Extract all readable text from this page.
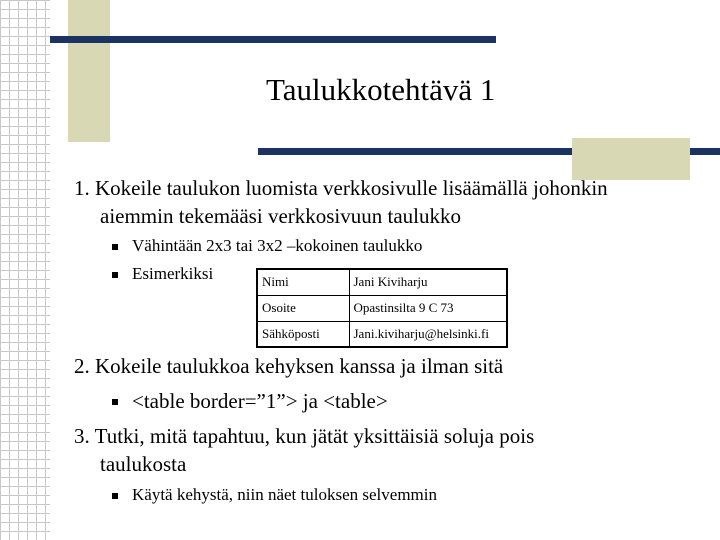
Taulukkotehtävä 1
1. Kokeile taulukon luomista verkkosivulle lisäämällä johonkin
aiemmin tekemääsi verkkosivuun taulukko
Vähintään 2x3 tai 3x2 –kokoinen taulukko
Esimerkiksi	Nimi	Jani Kiviharju
Osoite	Opastinsilta 9 C 73
Sähköposti	Jani.kiviharju@helsinki.fi
2. Kokeile taulukkoa kehyksen kanssa ja ilman sitä
<table border=”1”> ja <table>
3. Tutki, mitä tapahtuu, kun jätät yksittäisiä soluja pois
taulukosta
Käytä kehystä, niin näet tuloksen selvemmin
